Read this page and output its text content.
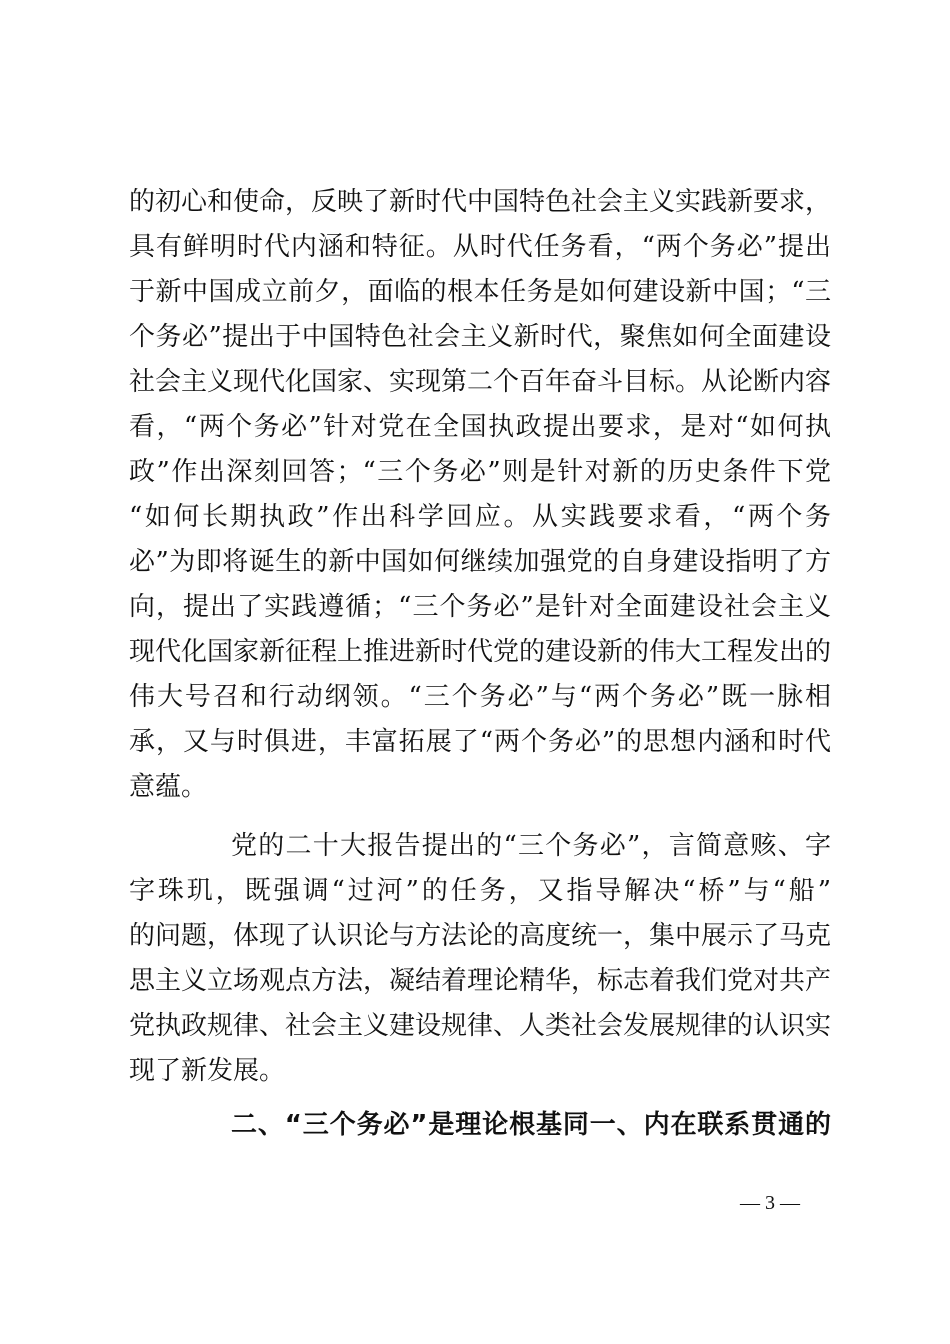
的初心和使命，反映了新时代中国特色社会主义实践新要求，
具有鲜明时代内涵和特征。从时代任务看，“两个务必”提出
于新中国成立前夕，面临的根本任务是如何建设新中国；“三
个务必”提出于中国特色社会主义新时代，聚焦如何全面建设
社会主义现代化国家、实现第二个百年奋斗目标。从论断内容
看，“两个务必”针对党在全国执政提出要求，是对“如何执
政”作出深刻回答；“三个务必”则是针对新的历史条件下党
“如何长期执政”作出科学回应。从实践要求看，“两个务
必”为即将诞生的新中国如何继续加强党的自身建设指明了方
向，提出了实践遵循；“三个务必”是针对全面建设社会主义
现代化国家新征程上推进新时代党的建设新的伟大工程发出的
伟大号召和行动纲领。“三个务必”与“两个务必”既一脉相
承，又与时俱进，丰富拓展了“两个务必”的思想内涵和时代
意蕴。
党的二十大报告提出的“三个务必”，言简意赅、字
字珠玑，既强调“过河”的任务，又指导解决“桥”与“船”
的问题，体现了认识论与方法论的高度统一，集中展示了马克
思主义立场观点方法，凝结着理论精华，标志着我们党对共产
党执政规律、社会主义建设规律、人类社会发展规律的认识实
现了新发展。
二、“三个务必”是理论根基同一、内在联系贯通的
— 3 —
